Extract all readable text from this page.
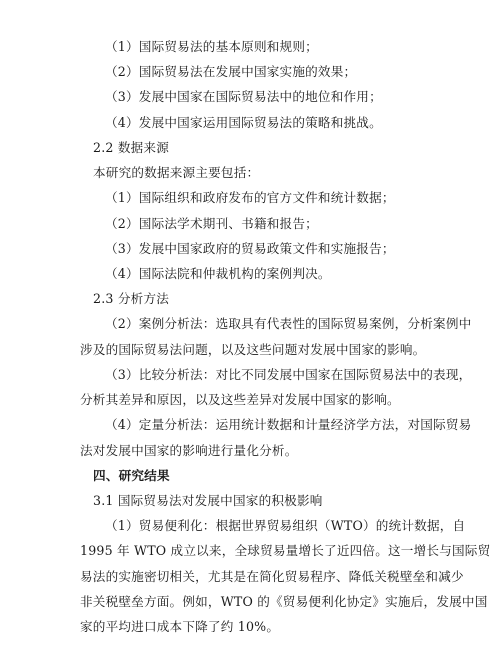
（1）国际贸易法的基本原则和规则；
（2）国际贸易法在发展中国家实施的效果；
（3）发展中国家在国际贸易法中的地位和作用；
（4）发展中国家运用国际贸易法的策略和挑战。
2.2 数据来源
本研究的数据来源主要包括：
（1）国际组织和政府发布的官方文件和统计数据；
（2）国际法学术期刊、书籍和报告；
（3）发展中国家政府的贸易政策文件和实施报告；
（4）国际法院和仲裁机构的案例判决。
2.3 分析方法
（2）案例分析法：选取具有代表性的国际贸易案例，分析案例中
涉及的国际贸易法问题，以及这些问题对发展中国家的影响。
（3）比较分析法：对比不同发展中国家在国际贸易法中的表现，
分析其差异和原因，以及这些差异对发展中国家的影响。
（4）定量分析法：运用统计数据和计量经济学方法，对国际贸易
法对发展中国家的影响进行量化分析。
四、研究结果
3.1 国际贸易法对发展中国家的积极影响
（1）贸易便利化：根据世界贸易组织（WTO）的统计数据，自
1995 年 WTO 成立以来，全球贸易量增长了近四倍。这一增长与国际贸
易法的实施密切相关，尤其是在简化贸易程序、降低关税壁垒和减少
非关税壁垒方面。例如，WTO 的《贸易便利化协定》实施后，发展中国
家的平均进口成本下降了约 10%。
